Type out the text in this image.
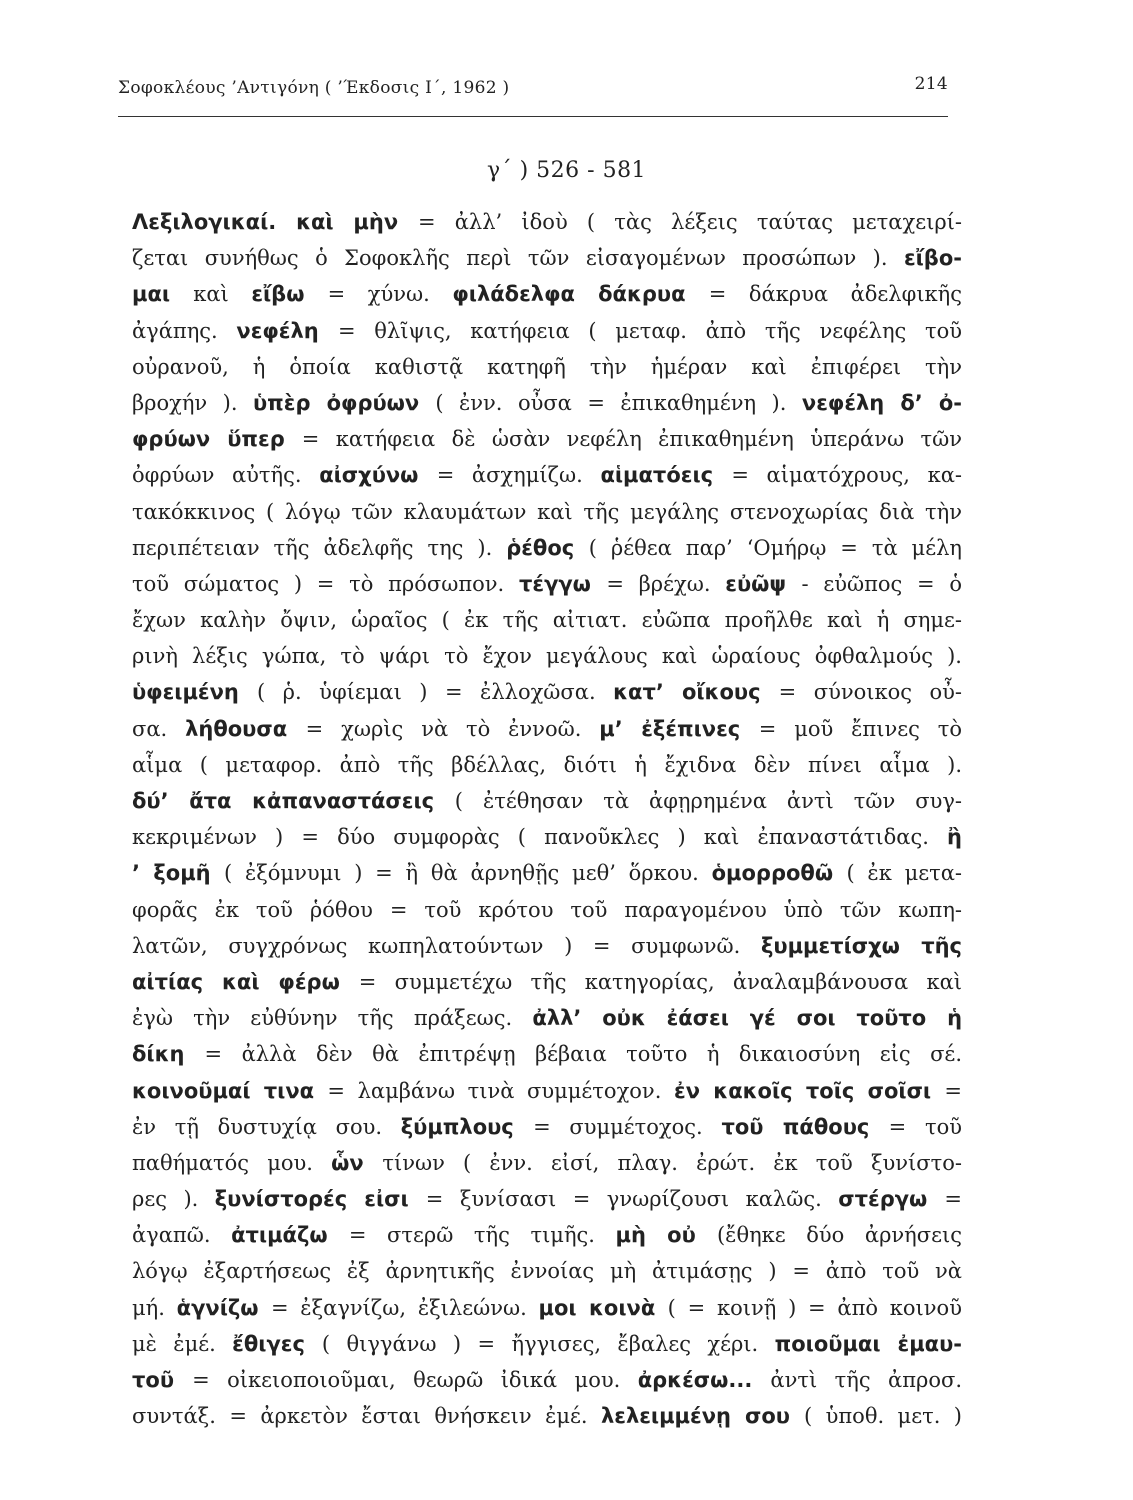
Σοφοκλέους ’Αντιγόνη ( ’Έκδοσις Ι΄, 1962 )	214
γ΄ ) 526 - 581
Λεξιλογικαί. καὶ μὴν = ἀλλ’ ἰδοὺ ( τὰς λέξεις ταύτας μεταχειρί-
ζεται συνήθως ὁ Σοφοκλῆς περὶ τῶν εἰσαγομένων προσώπων ). εἴβο-
μαι καὶ εἴβω = χύνω. φιλάδελφα δάκρυα = δάκρυα ἀδελφικῆς
ἀγάπης. νεφέλη = θλῖψις, κατήφεια ( μεταφ. ἀπὸ τῆς νεφέλης τοῦ
οὐρανοῦ, ἡ ὁποία καθιστᾷ κατηφῆ τὴν ἡμέραν καὶ ἐπιφέρει τὴν
βροχήν ). ὑπὲρ ὀφρύων ( ἐνν. οὖσα = ἐπικαθημένη ). νεφέλη δ’ ὀ-
φρύων ὕπερ = κατήφεια δὲ ὡσὰν νεφέλη ἐπικαθημένη ὑπεράνω τῶν
ὀφρύων αὐτῆς. αἰσχύνω = ἀσχημίζω. αἱματόεις = αἱματόχρους, κα-
τακόκκινος ( λόγῳ τῶν κλαυμάτων καὶ τῆς μεγάλης στενοχωρίας διὰ τὴν
περιπέτειαν τῆς ἀδελφῆς της ). ῥέθος ( ῥέθεα παρ’ ‘Ομήρῳ = τὰ μέλη
τοῦ σώματος ) = τὸ πρόσωπον. τέγγω = βρέχω. εὐῶψ - εὐῶπος = ὁ
ἔχων καλὴν ὄψιν, ὡραῖος ( ἐκ τῆς αἰτιατ. εὐῶπα προῆλθε καὶ ἡ σημε-
ρινὴ λέξις γώπα, τὸ ψάρι τὸ ἔχον μεγάλους καὶ ὡραίους ὀφθαλμούς ).
ὑφειμένη ( ῥ. ὑφίεμαι ) = ἐλλοχῶσα. κατ’ οἴκους = σύνοικος οὖ-
σα. λήθουσα = χωρὶς νὰ τὸ ἐννοῶ. μ’ ἐξέπινες = μοῦ ἔπινες τὸ
αἷμα ( μεταφορ. ἀπὸ τῆς βδέλλας, διότι ἡ ἔχιδνα δὲν πίνει αἷμα ).
δύ’ ἄτα κἀπαναστάσεις ( ἐτέθησαν τὰ ἀφῃρημένα ἀντὶ τῶν συγ-
κεκριμένων ) = δύο συμφορὰς ( πανοῦκλες ) καὶ ἐπαναστάτιδας. ἢ
’ ξομῆ ( ἐξόμνυμι ) = ἢ θὰ ἀρνηθῇς μεθ’ ὅρκου. ὁμορροθῶ ( ἐκ μετα-
φορᾶς ἐκ τοῦ ῥόθου = τοῦ κρότου τοῦ παραγομένου ὑπὸ τῶν κωπη-
λατῶν, συγχρόνως κωπηλατούντων ) = συμφωνῶ. ξυμμετίσχω τῆς
αἰτίας καὶ φέρω = συμμετέχω τῆς κατηγορίας, ἀναλαμβάνουσα καὶ
ἐγὼ τὴν εὐθύνην τῆς πράξεως. ἀλλ’ οὐκ ἐάσει γέ σοι τοῦτο ἡ
δίκη = ἀλλὰ δὲν θὰ ἐπιτρέψῃ βέβαια τοῦτο ἡ δικαιοσύνη εἰς σέ.
κοινοῦμαί τινα = λαμβάνω τινὰ συμμέτοχον. ἐν κακοῖς τοῖς σοῖσι =
ἐν τῇ δυστυχίᾳ σου. ξύμπλους = συμμέτοχος. τοῦ πάθους = τοῦ
παθήματός μου. ὧν τίνων ( ἐνν. εἰσί, πλαγ. ἐρώτ. ἐκ τοῦ ξυνίστο-
ρες ). ξυνίστορές εἰσι = ξυνίσασι = γνωρίζουσι καλῶς. στέργω =
ἀγαπῶ. ἀτιμάζω = στερῶ τῆς τιμῆς. μὴ οὐ (ἔθηκε δύο ἀρνήσεις
λόγῳ ἐξαρτήσεως ἐξ ἀρνητικῆς ἐννοίας μὴ ἀτιμάσῃς ) = ἀπὸ τοῦ νὰ
μή. ἁγνίζω = ἐξαγνίζω, ἐξιλεώνω. μοι κοινὰ ( = κοινῇ ) = ἀπὸ κοινοῦ
μὲ ἐμέ. ἔθιγες ( θιγγάνω ) = ἤγγισες, ἔβαλες χέρι. ποιοῦμαι ἐμαυ-
τοῦ = οἰκειοποιοῦμαι, θεωρῶ ἰδικά μου. ἀρκέσω... ἀντὶ τῆς ἀπροσ.
συντάξ. = ἀρκετὸν ἔσται θνήσκειν ἐμέ. λελειμμένῃ σου ( ὑποθ. μετ. )
